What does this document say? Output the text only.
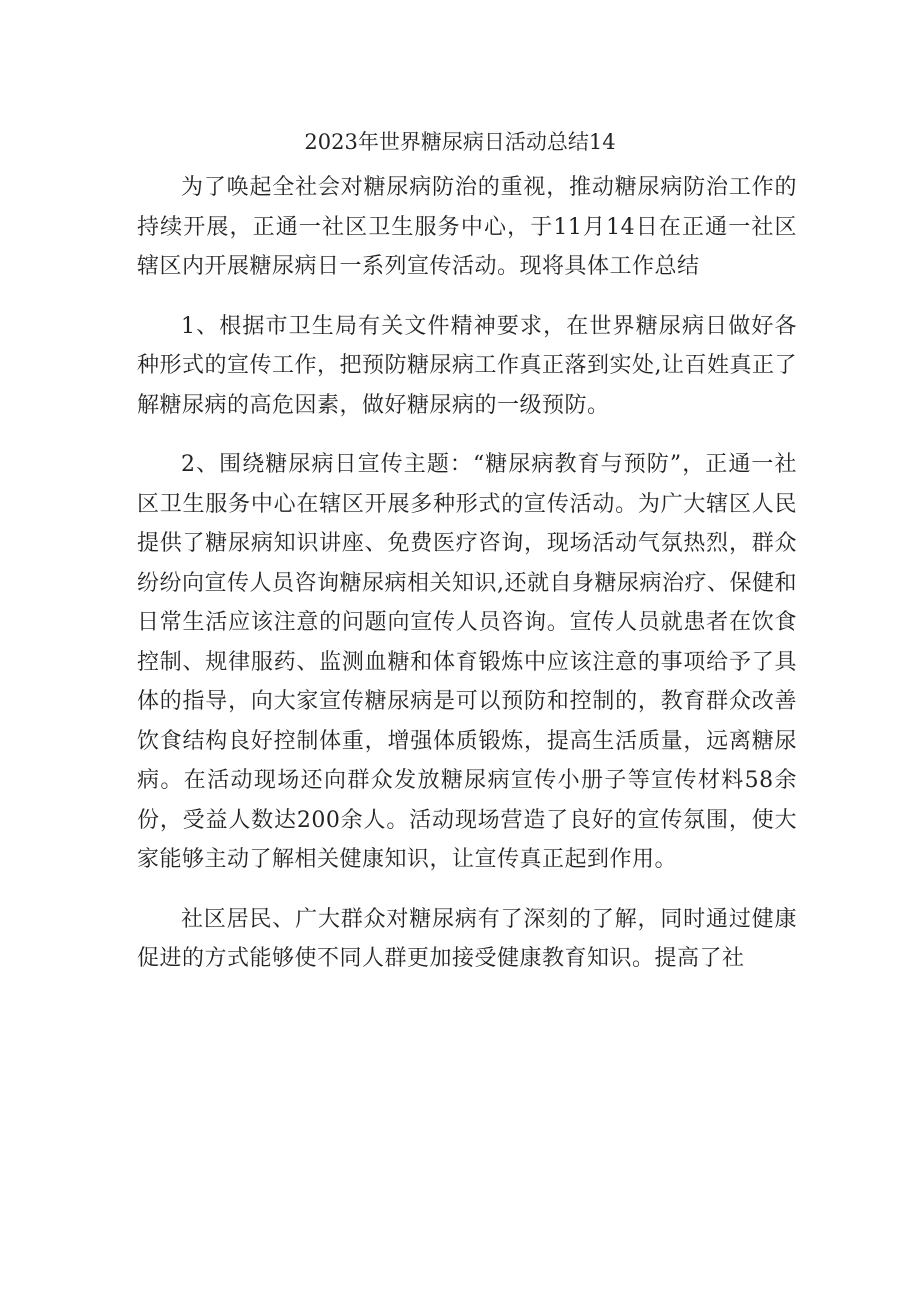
2023年世界糖尿病日活动总结14

为了唤起全社会对糖尿病防治的重视，推动糖尿病防治工作的持续开展，正通一社区卫生服务中心，于11月14日在正通一社区辖区内开展糖尿病日一系列宣传活动。现将具体工作总结

1、根据市卫生局有关文件精神要求，在世界糖尿病日做好各种形式的宣传工作，把预防糖尿病工作真正落到实处,让百姓真正了解糖尿病的高危因素，做好糖尿病的一级预防。

2、围绕糖尿病日宣传主题：“糖尿病教育与预防”，正通一社区卫生服务中心在辖区开展多种形式的宣传活动。为广大辖区人民提供了糖尿病知识讲座、免费医疗咨询，现场活动气氛热烈，群众纷纷向宣传人员咨询糖尿病相关知识,还就自身糖尿病治疗、保健和日常生活应该注意的问题向宣传人员咨询。宣传人员就患者在饮食控制、规律服药、监测血糖和体育锻炼中应该注意的事项给予了具体的指导，向大家宣传糖尿病是可以预防和控制的，教育群众改善饮食结构良好控制体重，增强体质锻炼，提高生活质量，远离糖尿病。在活动现场还向群众发放糖尿病宣传小册子等宣传材料58余份，受益人数达200余人。活动现场营造了良好的宣传氛围，使大家能够主动了解相关健康知识，让宣传真正起到作用。

社区居民、广大群众对糖尿病有了深刻的了解，同时通过健康促进的方式能够使不同人群更加接受健康教育知识。提高了社
